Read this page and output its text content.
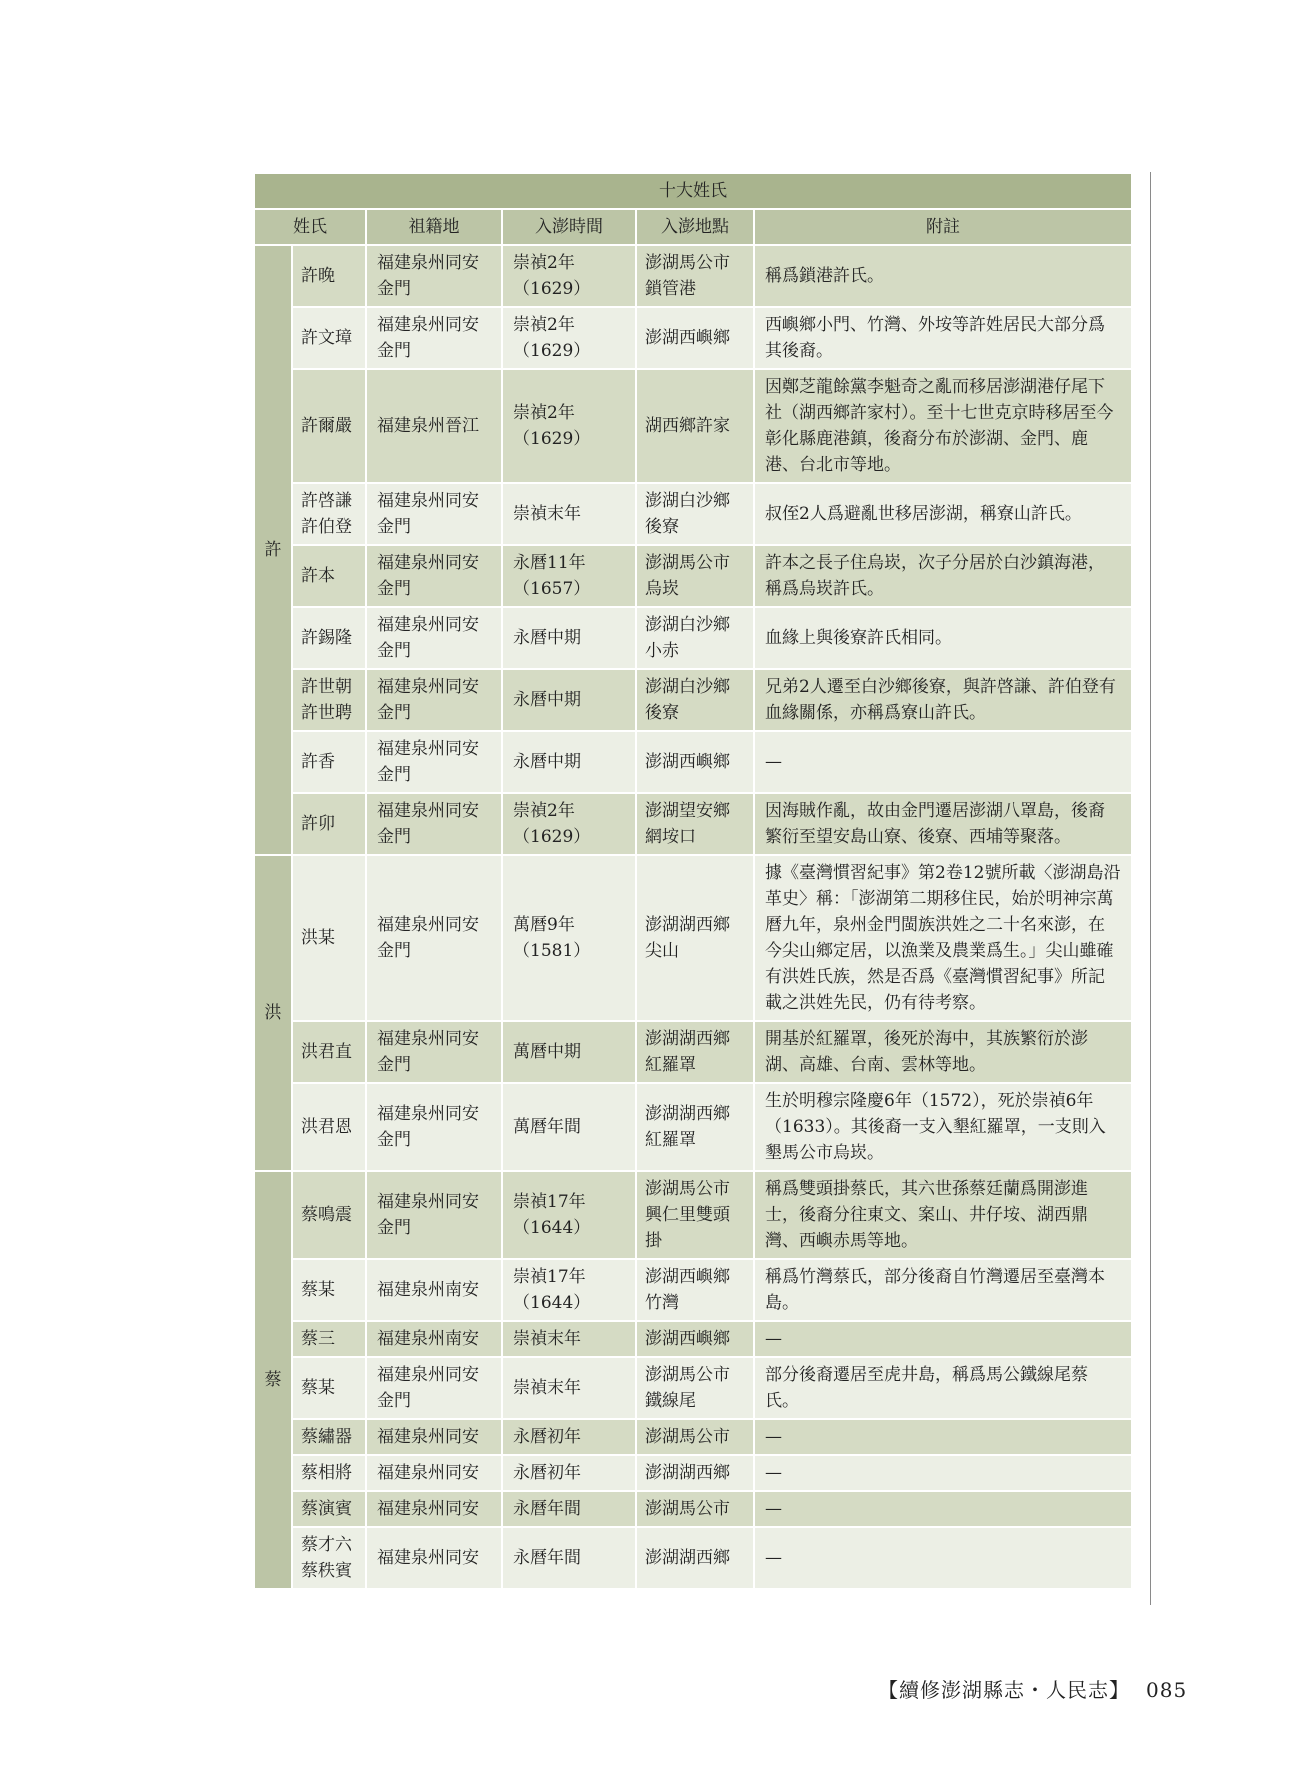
十大姓氏					
姓氏		祖籍地	入澎時間	入澎地點	附註
許	許晚	福建泉州同安金門	崇禎2年（1629）	澎湖馬公市鎖管港	稱爲鎖港許氏。
	許文璋	福建泉州同安金門	崇禎2年（1629）	澎湖西嶼鄉	西嶼鄉小門、竹灣、外垵等許姓居民大部分爲其後裔。
	許爾嚴	福建泉州晉江	崇禎2年（1629）	湖西鄉許家	因鄭芝龍餘黨李魁奇之亂而移居澎湖港仔尾下社（湖西鄉許家村）。至十七世克京時移居至今彰化縣鹿港鎮，後裔分布於澎湖、金門、鹿港、台北市等地。
	許啓謙 許伯登	福建泉州同安金門	崇禎末年	澎湖白沙鄉後寮	叔侄2人爲避亂世移居澎湖，稱寮山許氏。
	許本	福建泉州同安金門	永曆11年（1657）	澎湖馬公市烏崁	許本之長子住烏崁，次子分居於白沙鎮海港，稱爲烏崁許氏。
	許錫隆	福建泉州同安金門	永曆中期	澎湖白沙鄉小赤	血緣上與後寮許氏相同。
	許世朝 許世聘	福建泉州同安金門	永曆中期	澎湖白沙鄉後寮	兄弟2人遷至白沙鄉後寮，與許啓謙、許伯登有血緣關係，亦稱爲寮山許氏。
	許香	福建泉州同安金門	永曆中期	澎湖西嶼鄉	—
	許卯	福建泉州同安金門	崇禎2年（1629）	澎湖望安鄉網垵口	因海賊作亂，故由金門遷居澎湖八罩島，後裔繁衍至望安島山寮、後寮、西埔等聚落。
洪	洪某	福建泉州同安金門	萬曆9年（1581）	澎湖湖西鄉尖山	據《臺灣慣習紀事》第2卷12號所載〈澎湖島沿革史〉稱：「澎湖第二期移住民，始於明神宗萬曆九年，泉州金門閩族洪姓之二十名來澎，在今尖山鄉定居，以漁業及農業爲生。」尖山雖確有洪姓氏族，然是否爲《臺灣慣習紀事》所記載之洪姓先民，仍有待考察。
	洪君直	福建泉州同安金門	萬曆中期	澎湖湖西鄉紅羅罩	開基於紅羅罩，後死於海中，其族繁衍於澎湖、高雄、台南、雲林等地。
	洪君恩	福建泉州同安金門	萬曆年間	澎湖湖西鄉紅羅罩	生於明穆宗隆慶6年（1572），死於崇禎6年（1633）。其後裔一支入墾紅羅罩，一支則入墾馬公市烏崁。
蔡	蔡鳴震	福建泉州同安金門	崇禎17年（1644）	澎湖馬公市興仁里雙頭掛	稱爲雙頭掛蔡氏，其六世孫蔡廷蘭爲開澎進士，後裔分往東文、案山、井仔垵、湖西鼎灣、西嶼赤馬等地。
	蔡某	福建泉州南安	崇禎17年（1644）	澎湖西嶼鄉竹灣	稱爲竹灣蔡氏，部分後裔自竹灣遷居至臺灣本島。
	蔡三	福建泉州南安	崇禎末年	澎湖西嶼鄉	—
	蔡某	福建泉州同安金門	崇禎末年	澎湖馬公市鐵線尾	部分後裔遷居至虎井島，稱爲馬公鐵線尾蔡氏。
	蔡繡器	福建泉州同安	永曆初年	澎湖馬公市	—
	蔡相將	福建泉州同安	永曆初年	澎湖湖西鄉	—
	蔡演賓	福建泉州同安	永曆年間	澎湖馬公市	—
	蔡才六 蔡秩賓	福建泉州同安	永曆年間	澎湖湖西鄉	—
【續修澎湖縣志・人民志】 085
